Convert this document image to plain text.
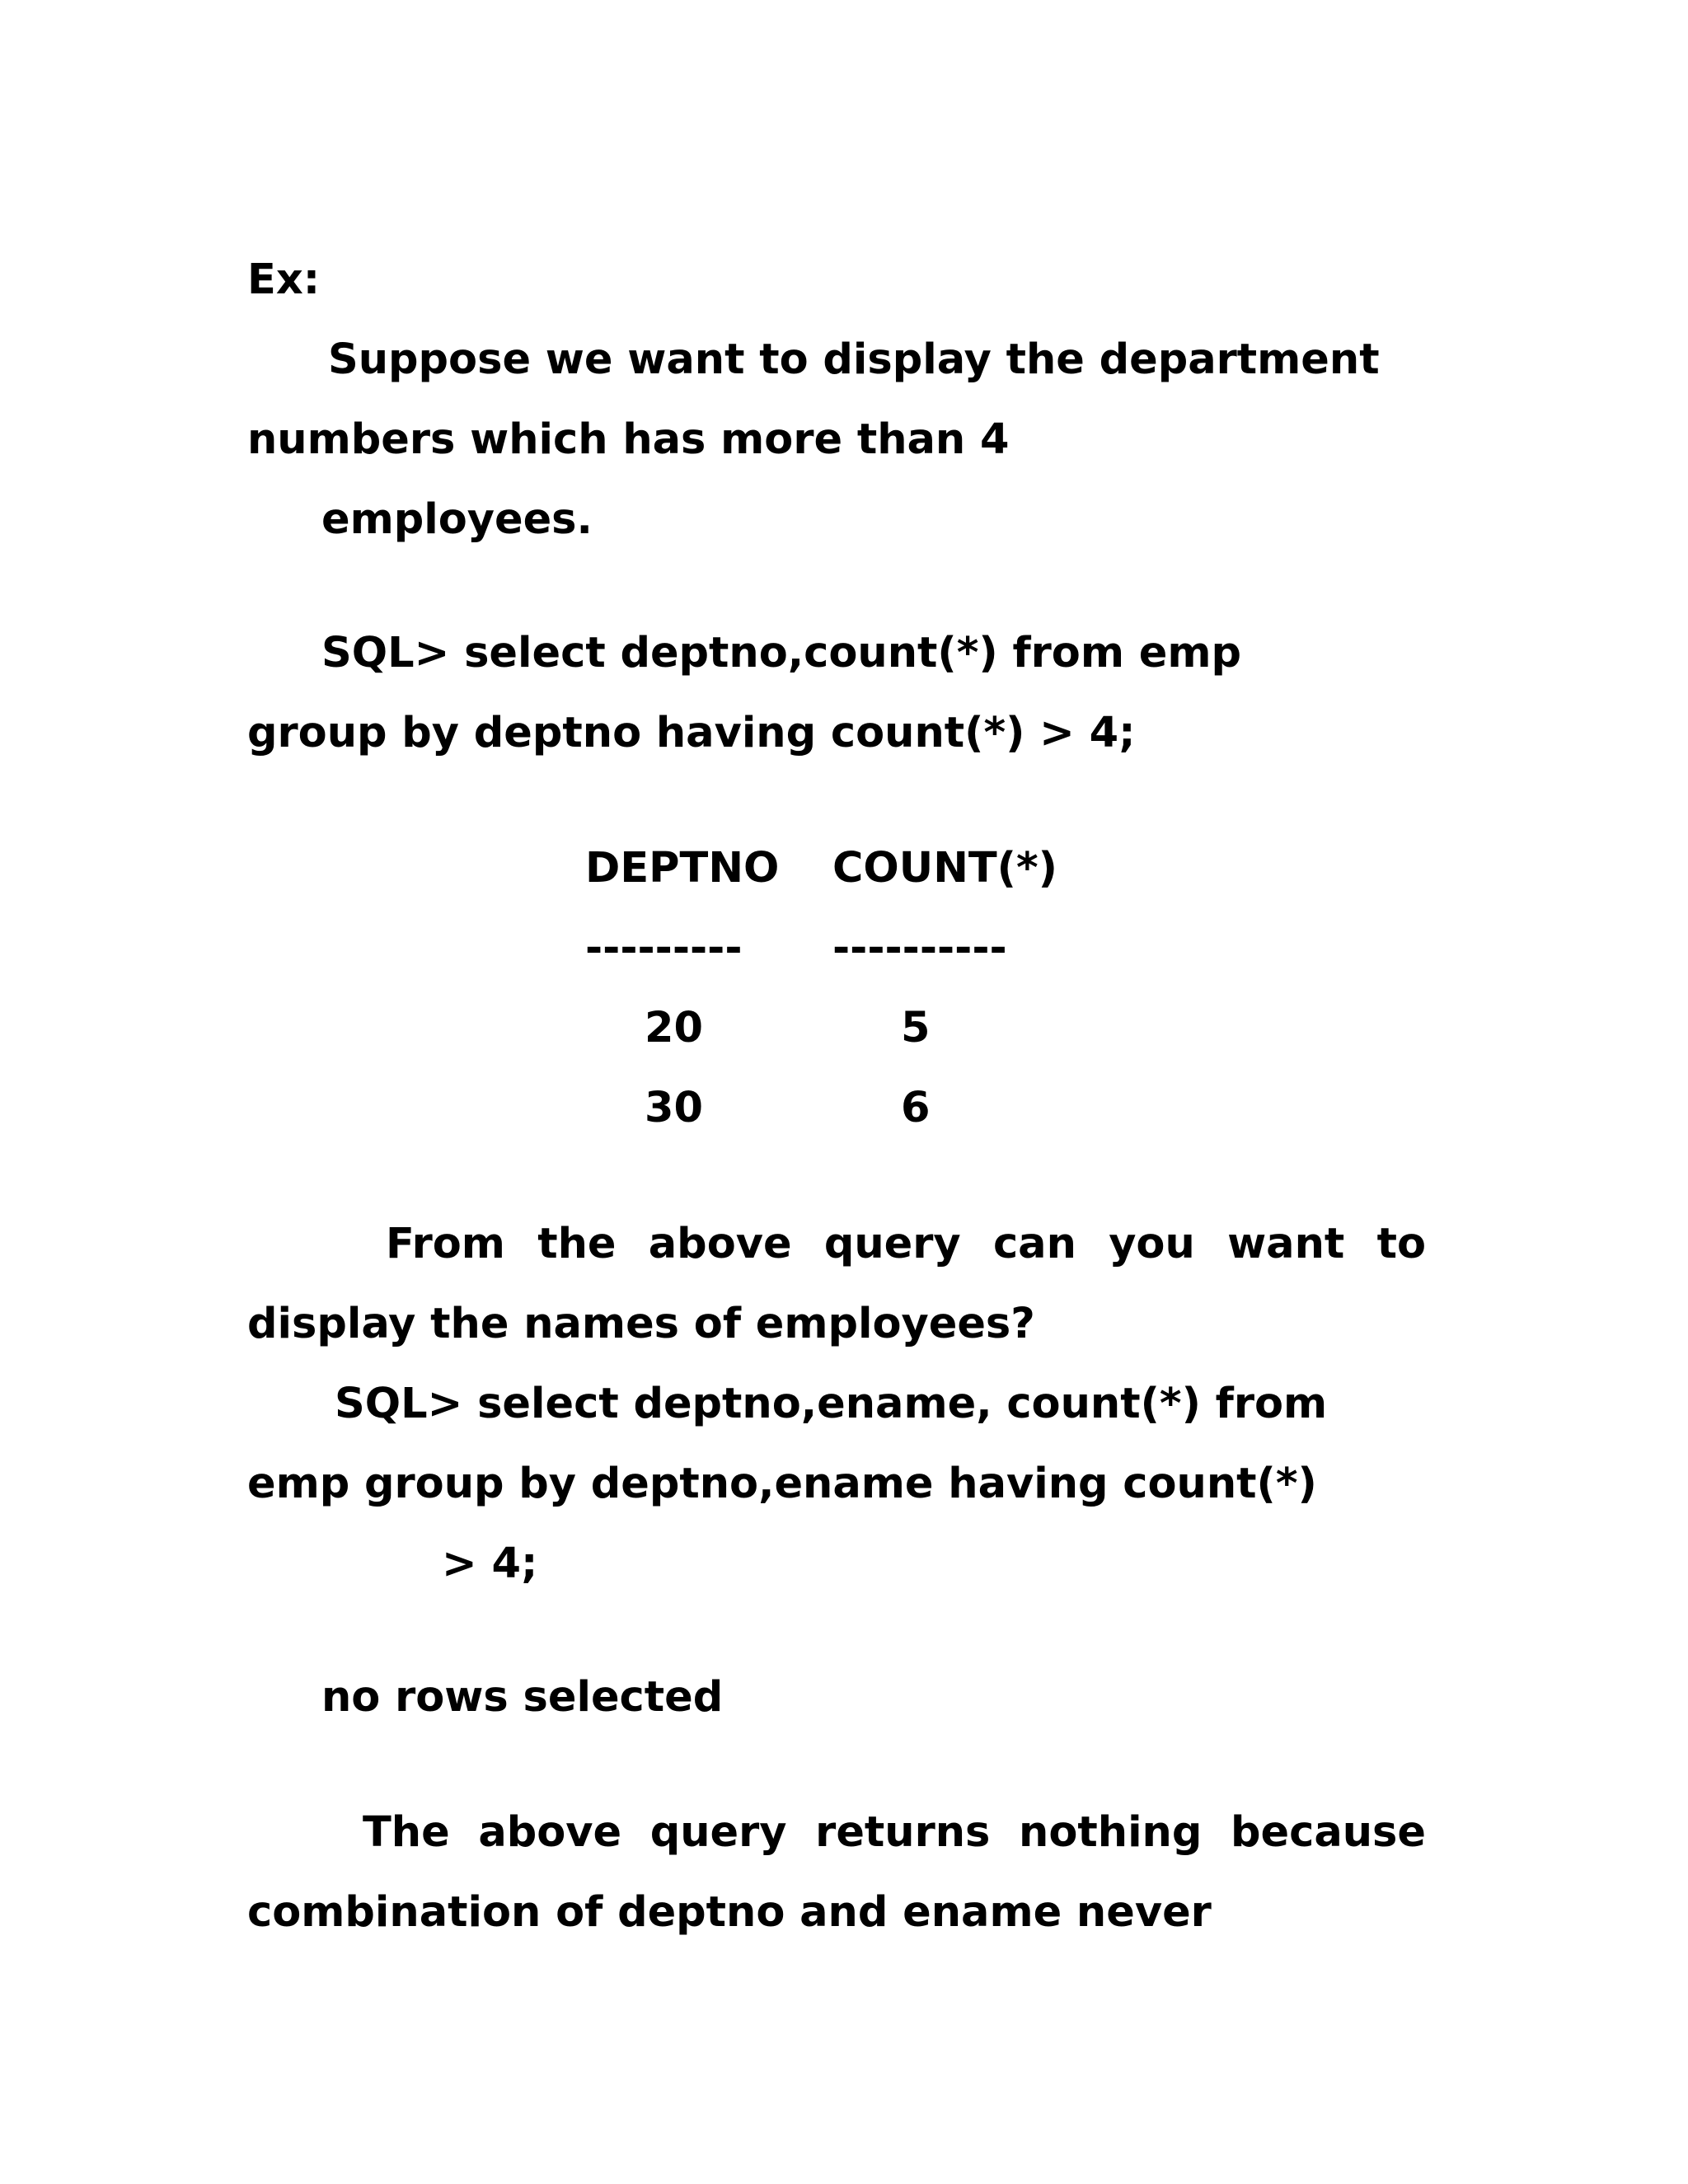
Ex:
Suppose we want to display the department
numbers which has more than 4
employees.
SQL> select deptno,count(*) from emp
group by deptno having count(*) > 4;
DEPTNO COUNT(*)
--------- ----------
20	5
30	6
From the above query can you want to
display the names of employees?
SQL> select deptno,ename, count(*) from
emp group by deptno,ename having count(*)
> 4;
no rows selected
The above query returns nothing because
combination of deptno and ename never
